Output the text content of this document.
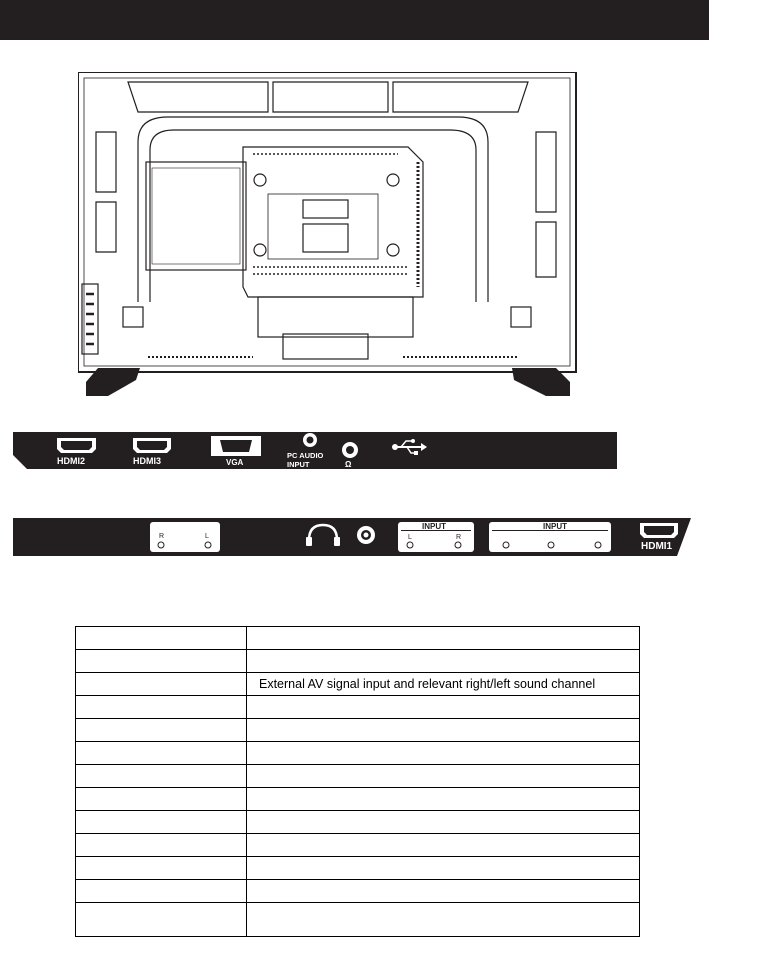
HDMI2	HDMI3	VGA
PC AUDIO
INPUT	Ω
R	L
INPUT
L	R
INPUT
HDMI1

	External AV signal input and relevant right/left sound channel
